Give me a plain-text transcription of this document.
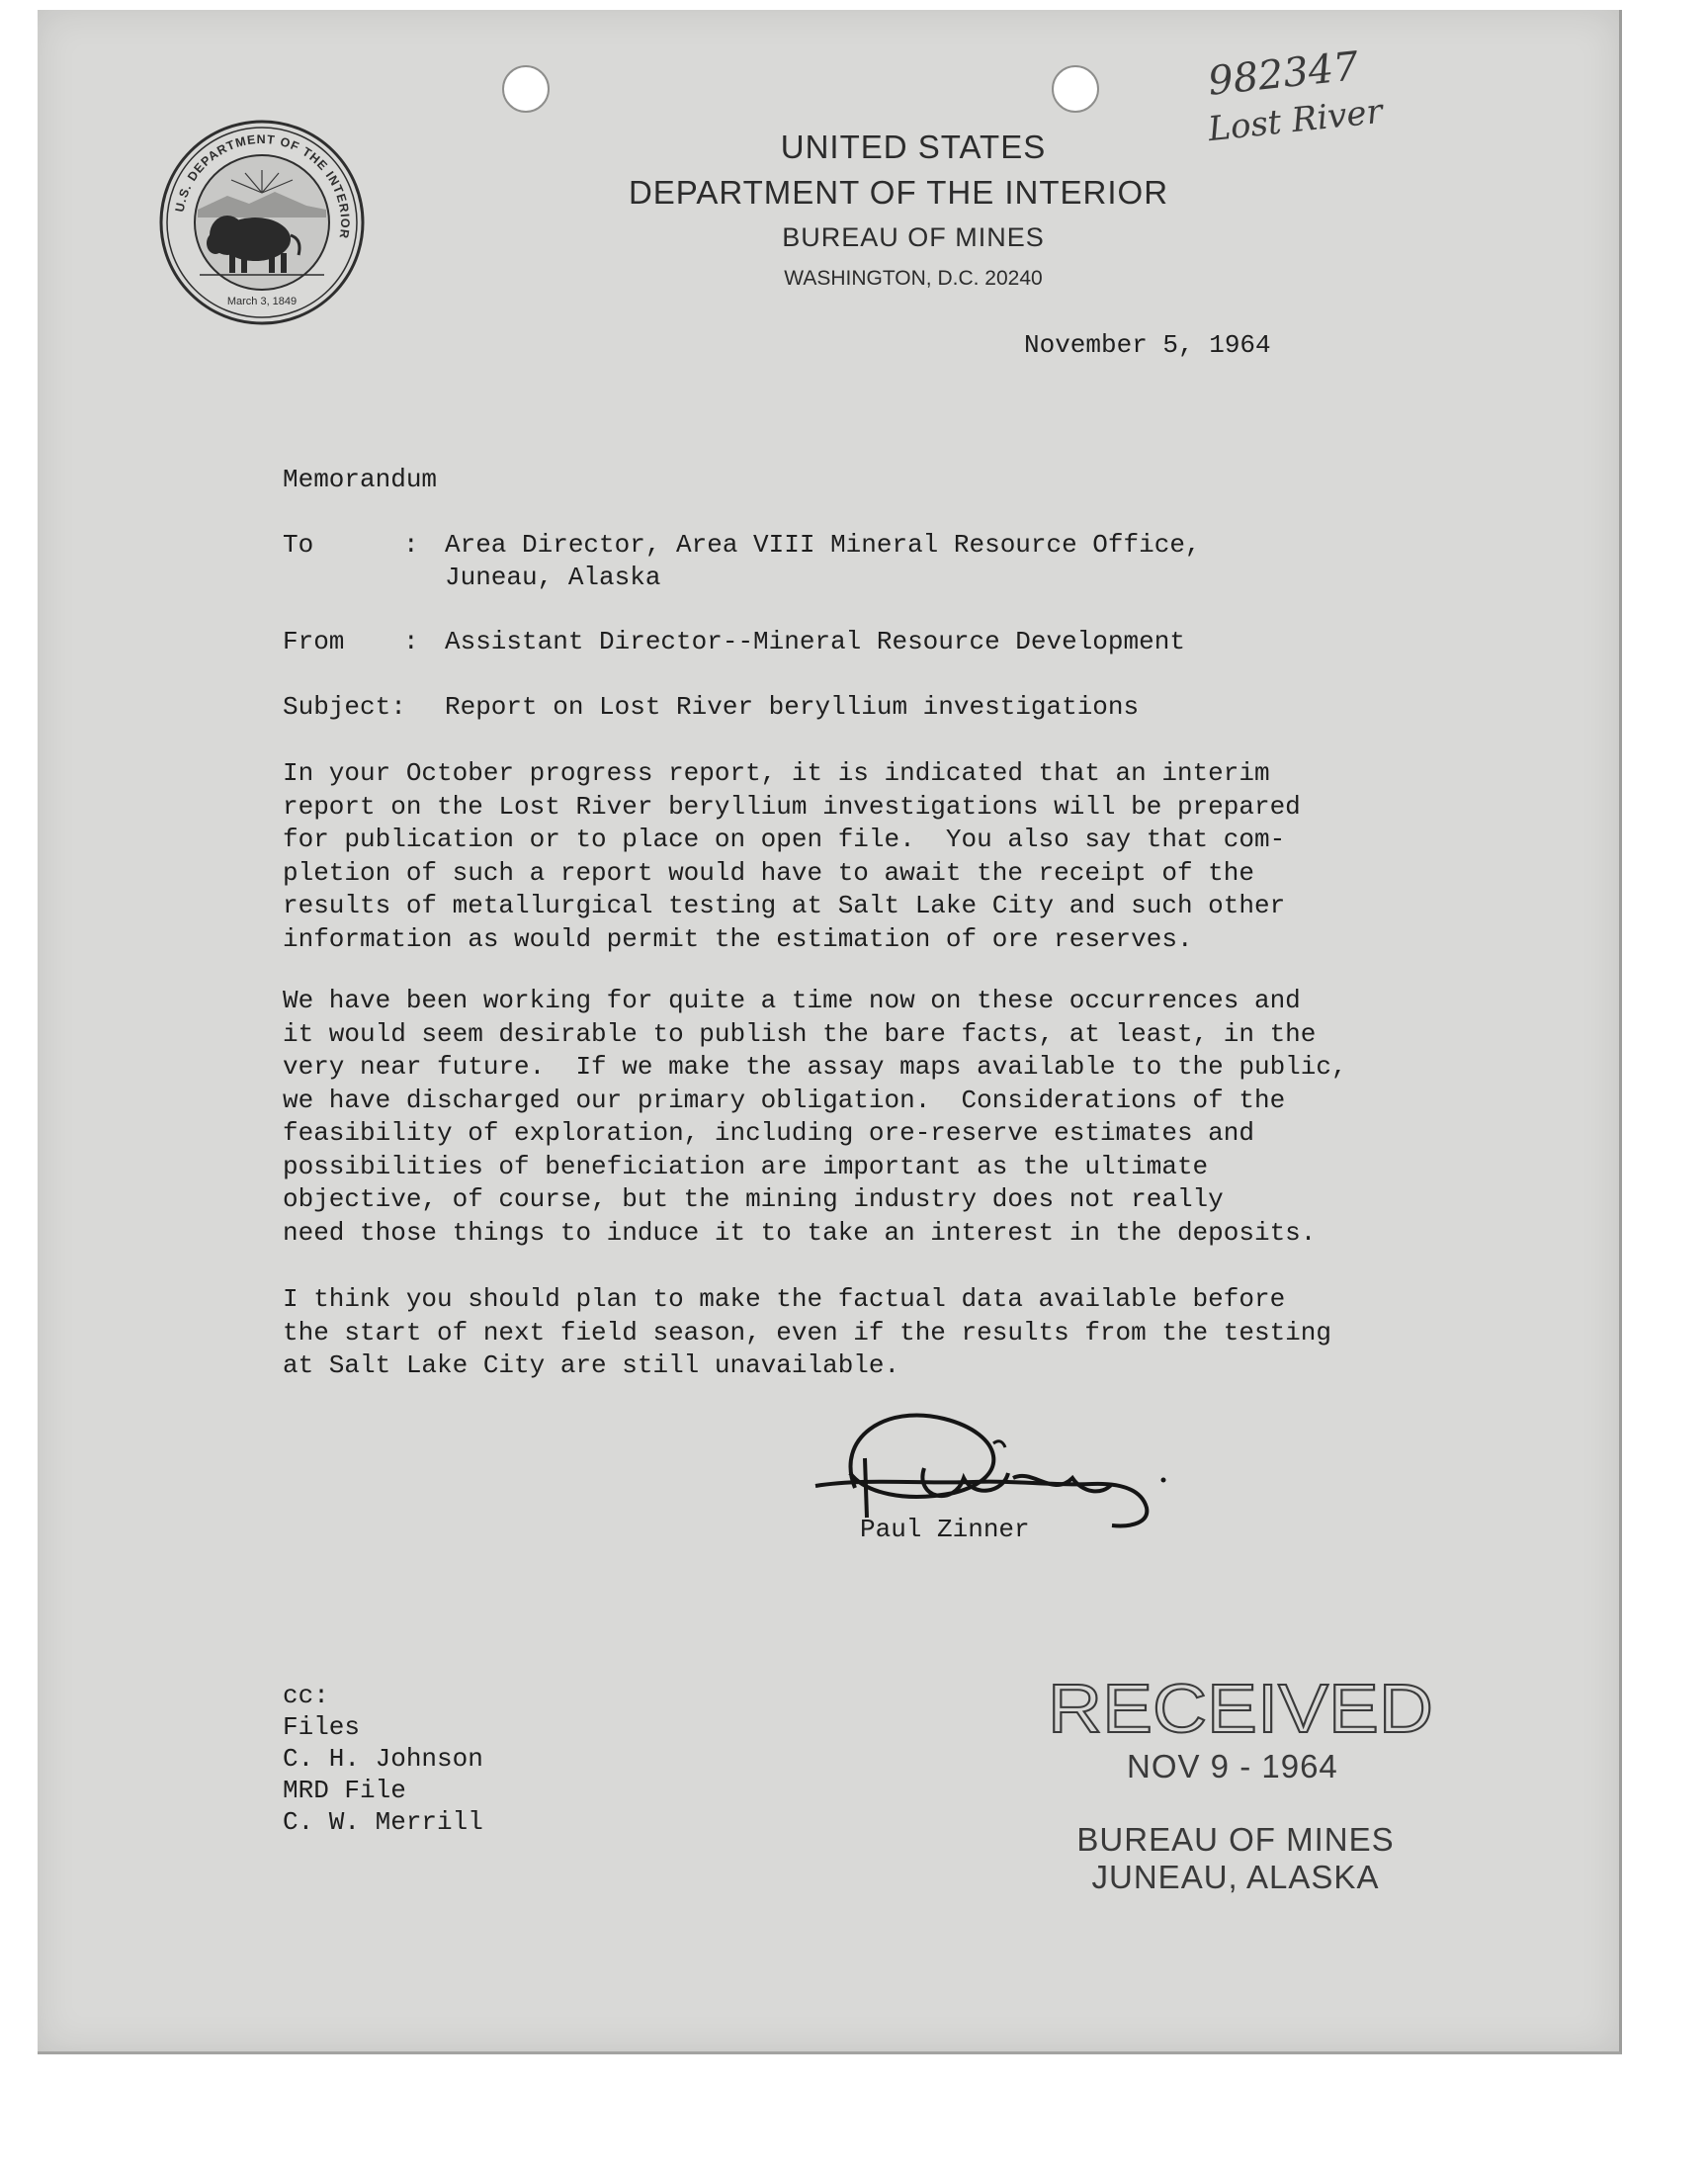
U.S. DEPARTMENT OF THE INTERIOR
March 3, 1849
UNITED STATES
DEPARTMENT OF THE INTERIOR
BUREAU OF MINES
WASHINGTON, D.C. 20240
982347
Lost River
November 5, 1964
Memorandum
To	: Area Director, Area VIII Mineral Resource Office,
Juneau, Alaska
From : Assistant Director--Mineral Resource Development
Subject: Report on Lost River beryllium investigations
In your October progress report, it is indicated that an interim
report on the Lost River beryllium investigations will be prepared
for publication or to place on open file.  You also say that com-
pletion of such a report would have to await the receipt of the
results of metallurgical testing at Salt Lake City and such other
information as would permit the estimation of ore reserves.
We have been working for quite a time now on these occurrences and
it would seem desirable to publish the bare facts, at least, in the
very near future.  If we make the assay maps available to the public,
we have discharged our primary obligation.  Considerations of the
feasibility of exploration, including ore-reserve estimates and
possibilities of beneficiation are important as the ultimate
objective, of course, but the mining industry does not really
need those things to induce it to take an interest in the deposits.
I think you should plan to make the factual data available before
the start of next field season, even if the results from the testing
at Salt Lake City are still unavailable.
Paul Zinner
cc:
Files
C. H. Johnson
MRD File
C. W. Merrill
RECEIVED
NOV 9 - 1964
BUREAU OF MINES
JUNEAU, ALASKA
